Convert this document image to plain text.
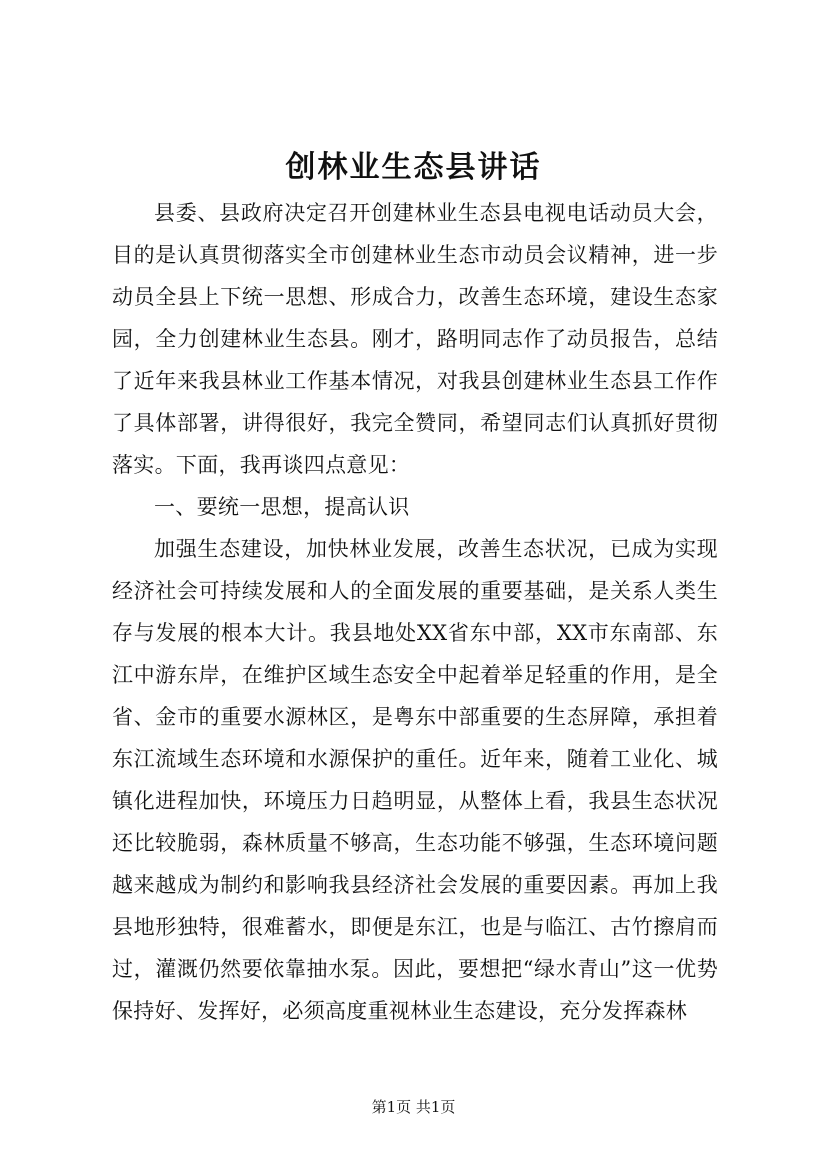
创林业生态县讲话

县委、县政府决定召开创建林业生态县电视电话动员大会，目的是认真贯彻落实全市创建林业生态市动员会议精神，进一步动员全县上下统一思想、形成合力，改善生态环境，建设生态家园，全力创建林业生态县。刚才，路明同志作了动员报告，总结了近年来我县林业工作基本情况，对我县创建林业生态县工作作了具体部署，讲得很好，我完全赞同，希望同志们认真抓好贯彻落实。下面，我再谈四点意见：

一、要统一思想，提高认识

加强生态建设，加快林业发展，改善生态状况，已成为实现经济社会可持续发展和人的全面发展的重要基础，是关系人类生存与发展的根本大计。我县地处XX省东中部，XX市东南部、东江中游东岸，在维护区域生态安全中起着举足轻重的作用，是全省、金市的重要水源林区，是粤东中部重要的生态屏障，承担着东江流域生态环境和水源保护的重任。近年来，随着工业化、城镇化进程加快，环境压力日趋明显，从整体上看，我县生态状况还比较脆弱，森林质量不够高，生态功能不够强，生态环境问题越来越成为制约和影响我县经济社会发展的重要因素。再加上我县地形独特，很难蓄水，即便是东江，也是与临江、古竹擦肩而过，灌溉仍然要依靠抽水泵。因此，要想把“绿水青山”这一优势保持好、发挥好，必须高度重视林业生态建设，充分发挥森林

第1页 共1页
